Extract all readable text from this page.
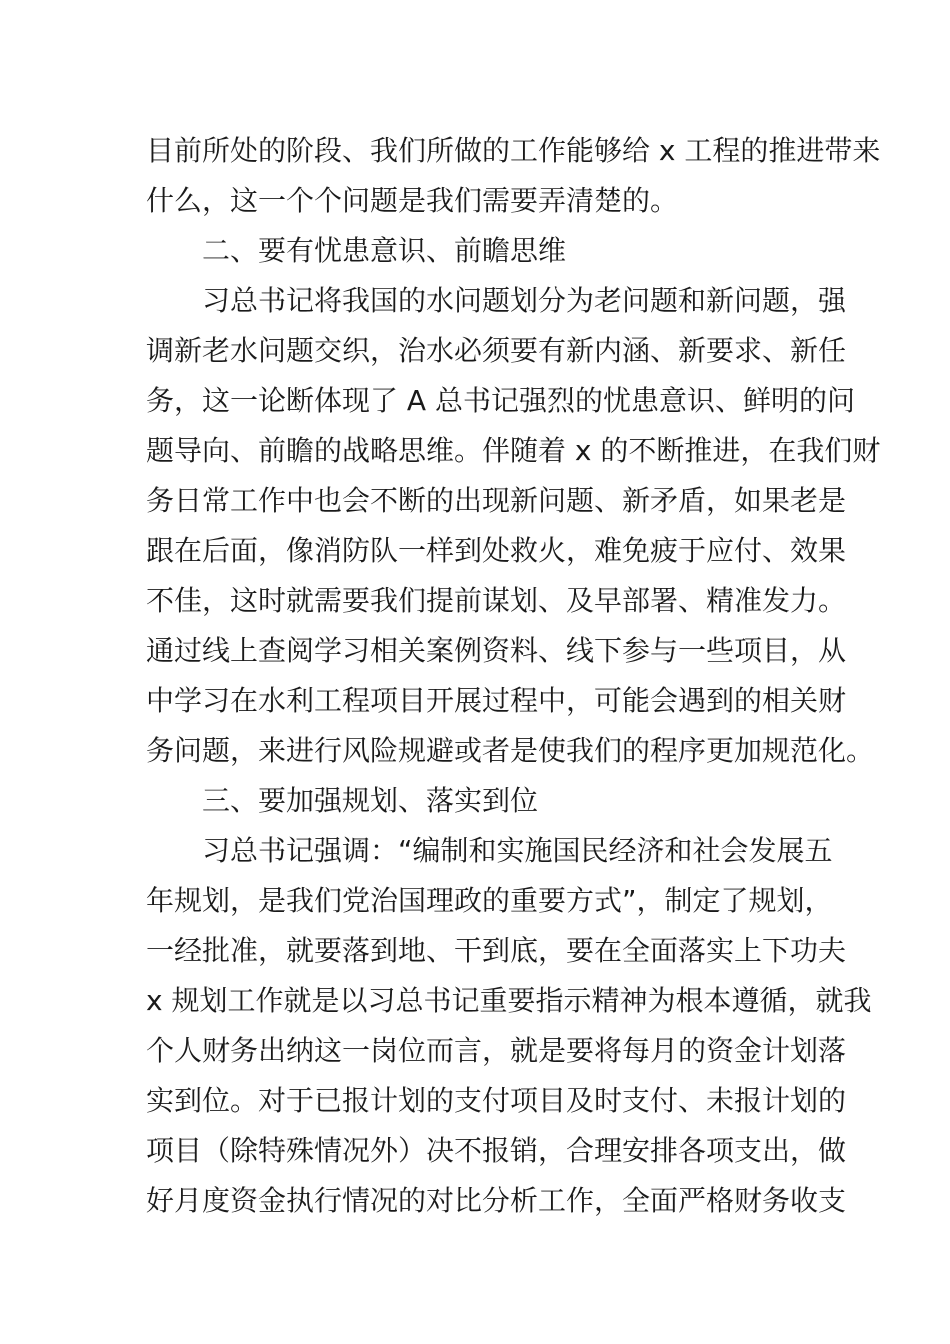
目前所处的阶段、我们所做的工作能够给 x 工程的推进带来
什么，这一个个问题是我们需要弄清楚的。
二、要有忧患意识、前瞻思维
习总书记将我国的水问题划分为老问题和新问题，强
调新老水问题交织，治水必须要有新内涵、新要求、新任
务，这一论断体现了 A 总书记强烈的忧患意识、鲜明的问
题导向、前瞻的战略思维。伴随着 x 的不断推进，在我们财
务日常工作中也会不断的出现新问题、新矛盾，如果老是
跟在后面，像消防队一样到处救火，难免疲于应付、效果
不佳，这时就需要我们提前谋划、及早部署、精准发力。
通过线上查阅学习相关案例资料、线下参与一些项目，从
中学习在水利工程项目开展过程中，可能会遇到的相关财
务问题，来进行风险规避或者是使我们的程序更加规范化。
三、要加强规划、落实到位
习总书记强调：“编制和实施国民经济和社会发展五
年规划，是我们党治国理政的重要方式”，制定了规划，
一经批准，就要落到地、干到底，要在全面落实上下功夫
x 规划工作就是以习总书记重要指示精神为根本遵循，就我
个人财务出纳这一岗位而言，就是要将每月的资金计划落
实到位。对于已报计划的支付项目及时支付、未报计划的
项目（除特殊情况外）决不报销，合理安排各项支出，做
好月度资金执行情况的对比分析工作，全面严格财务收支
